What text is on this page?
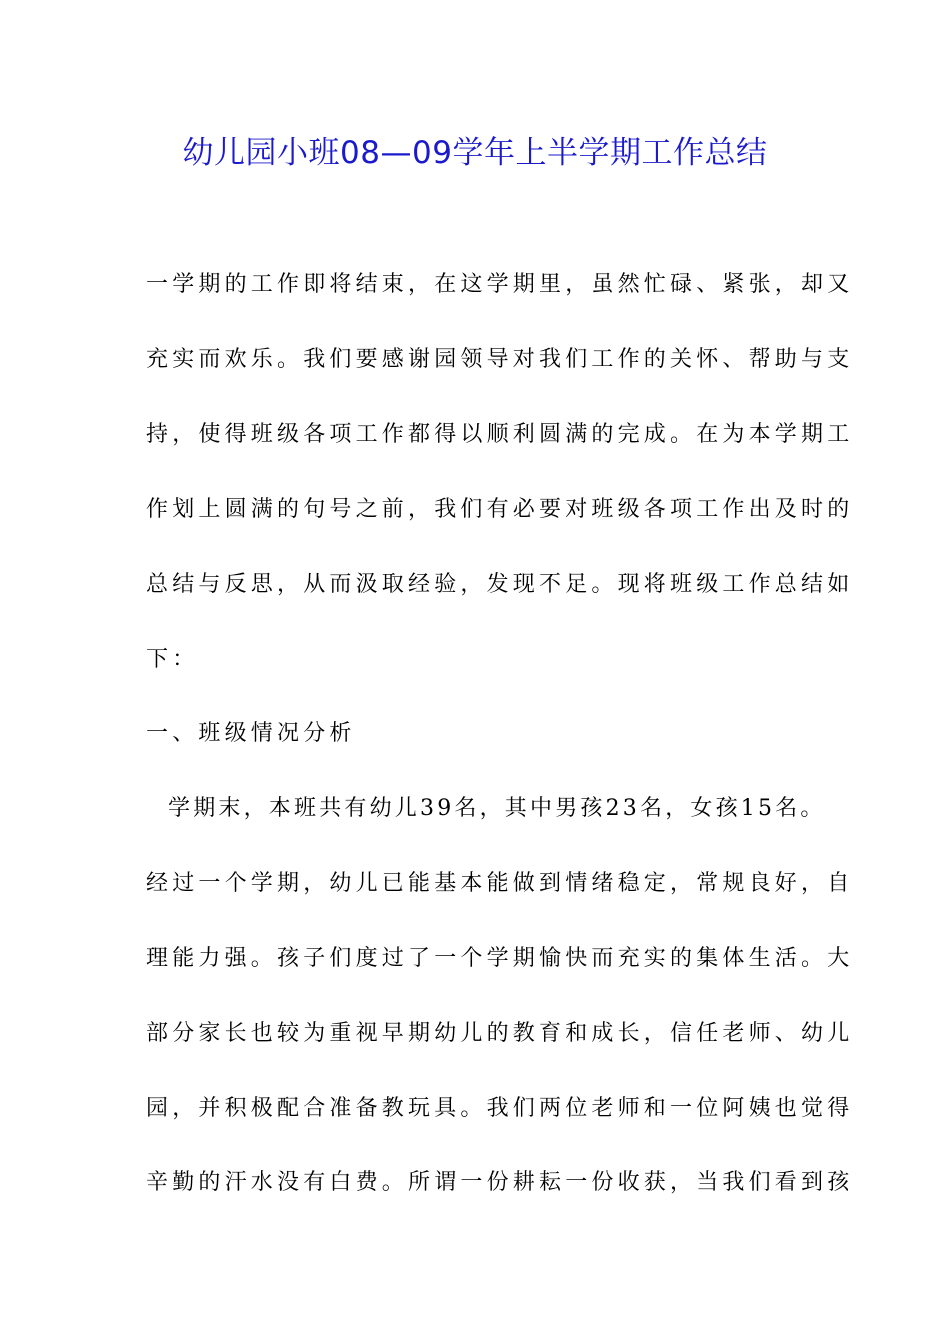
幼儿园小班08—09学年上半学期工作总结
一学期的工作即将结束，在这学期里，虽然忙碌、紧张，却又
充实而欢乐。我们要感谢园领导对我们工作的关怀、帮助与支
持，使得班级各项工作都得以顺利圆满的完成。在为本学期工
作划上圆满的句号之前，我们有必要对班级各项工作出及时的
总结与反思，从而汲取经验，发现不足。现将班级工作总结如
下：
一、班级情况分析
学期末，本班共有幼儿39名，其中男孩23名，女孩15名。
经过一个学期，幼儿已能基本能做到情绪稳定，常规良好，自
理能力强。孩子们度过了一个学期愉快而充实的集体生活。大
部分家长也较为重视早期幼儿的教育和成长，信任老师、幼儿
园，并积极配合准备教玩具。我们两位老师和一位阿姨也觉得
辛勤的汗水没有白费。所谓一份耕耘一份收获，当我们看到孩
